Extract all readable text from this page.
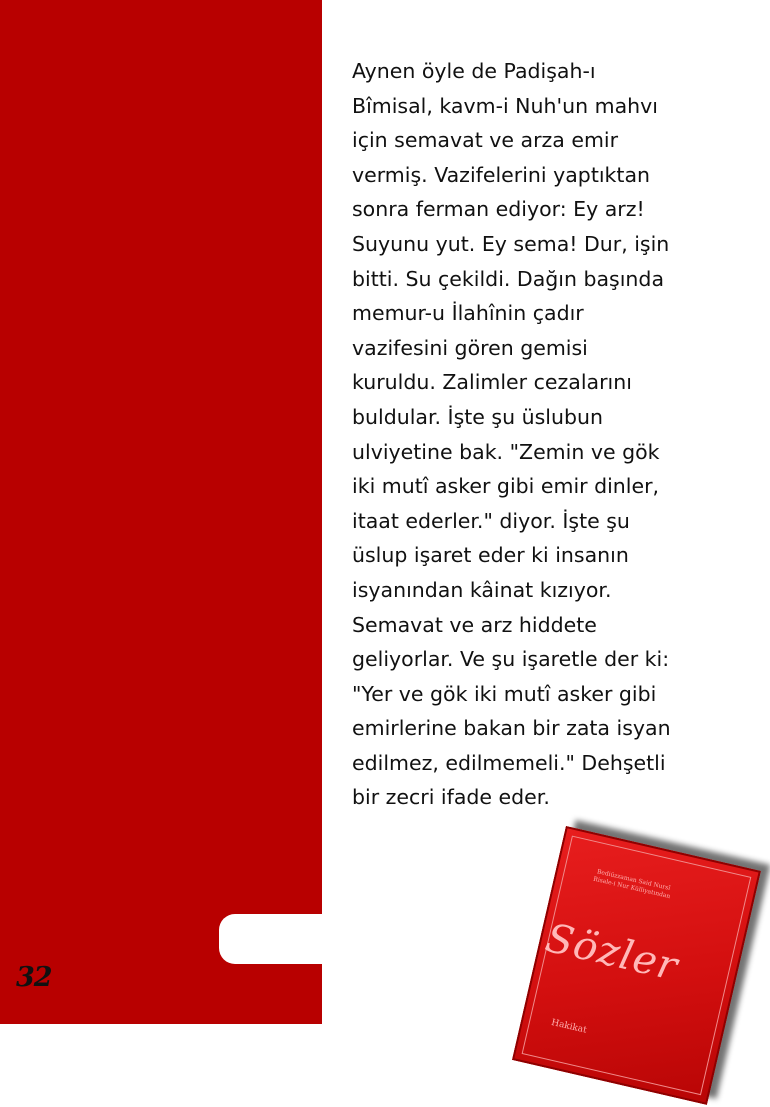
32

Aynen öyle de Padişah-ı
Bîmisal, kavm-i Nuh'un mahvı
için semavat ve arza emir
vermiş. Vazifelerini yaptıktan
sonra ferman ediyor: Ey arz!
Suyunu yut. Ey sema! Dur, işin
bitti. Su çekildi. Dağın başında
memur-u İlahînin çadır
vazifesini gören gemisi
kuruldu. Zalimler cezalarını
buldular. İşte şu üslubun
ulviyetine bak. "Zemin ve gök
iki mutî asker gibi emir dinler,
itaat ederler." diyor. İşte şu
üslup işaret eder ki insanın
isyanından kâinat kızıyor.
Semavat ve arz hiddete
geliyorlar. Ve şu işaretle der ki:
"Yer ve gök iki mutî asker gibi
emirlerine bakan bir zata isyan
edilmez, edilmemeli." Dehşetli
bir zecri ifade eder.

Bediüzzaman Said Nursî
Risale-i Nur Külliyatından
Sözler
Hakikat
